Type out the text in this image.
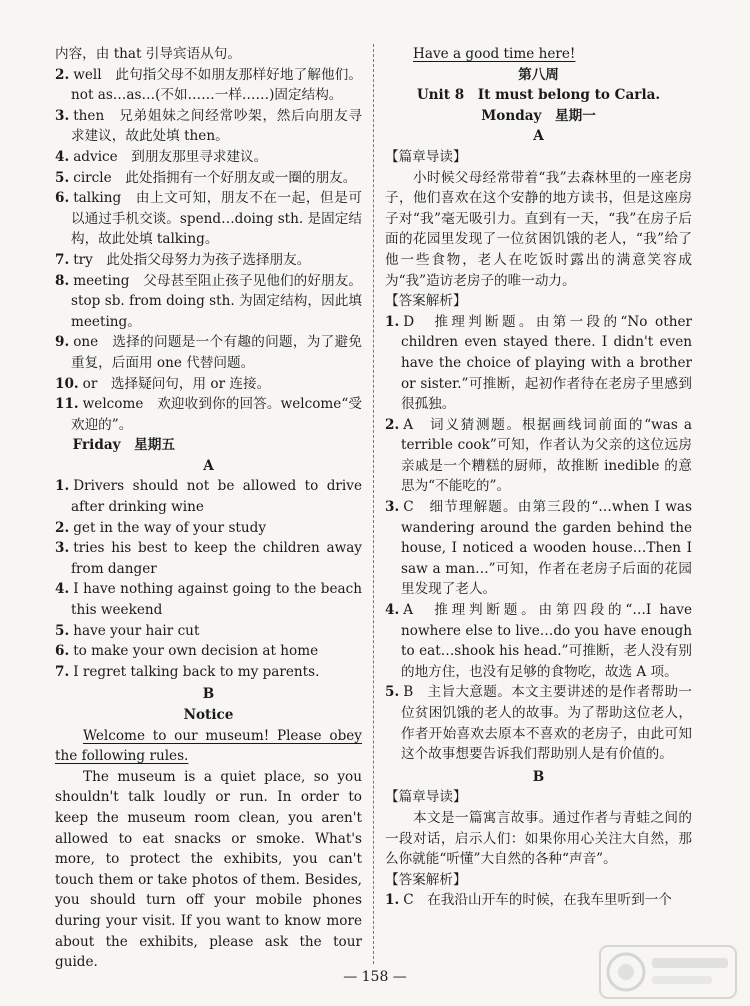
内容，由 that 引导宾语从句。

2. well　此句指父母不如朋友那样好地了解他们。not as…as…(不如……一样……)固定结构。
3. then　兄弟姐妹之间经常吵架，然后向朋友寻求建议，故此处填 then。
4. advice　到朋友那里寻求建议。
5. circle　此处指拥有一个好朋友或一圈的朋友。
6. talking　由上文可知，朋友不在一起，但是可以通过手机交谈。spend…doing sth. 是固定结构，故此处填 talking。
7. try　此处指父母努力为孩子选择朋友。
8. meeting　父母甚至阻止孩子见他们的好朋友。stop sb. from doing sth. 为固定结构，因此填 meeting。
9. one　选择的问题是一个有趣的问题，为了避免重复，后面用 one 代替问题。
10. or　选择疑问句，用 or 连接。
11. welcome　欢迎收到你的回答。welcome“受欢迎的”。
　Friday　星期五

A

1. Drivers should not be allowed to drive after drinking wine
2. get in the way of your study
3. tries his best to keep the children away from danger
4. I have nothing against going to the beach this weekend
5. have your hair cut
6. to make your own decision at home
7. I regret talking back to my parents.

B

Notice

Welcome to our museum! Please obey the following rules.

The museum is a quiet place, so you shouldn't talk loudly or run. In order to keep the museum room clean, you aren't allowed to eat snacks or smoke. What's more, to protect the exhibits, you can't touch them or take photos of them. Besides, you should turn off your mobile phones during your visit. If you want to know more about the exhibits, please ask the tour guide.

Have a good time here!

第八周

Unit 8　It must belong to Carla.

Monday　星期一

A

【篇章导读】

小时候父母经常带着“我”去森林里的一座老房子，他们喜欢在这个安静的地方读书，但是这座房子对“我”毫无吸引力。直到有一天，“我”在房子后面的花园里发现了一位贫困饥饿的老人，“我”给了他一些食物，老人在吃饭时露出的满意笑容成为“我”造访老房子的唯一动力。

【答案解析】

1. D　 推理判断题。由第一段的“No other children even stayed there. I didn't even have the choice of playing with a brother or sister.”可推断，起初作者待在老房子里感到很孤独。
2. A　 词义猜测题。根据画线词前面的“was a terrible cook”可知，作者认为父亲的这位远房亲戚是一个糟糕的厨师，故推断 inedible 的意思为“不能吃的”。
3. C　 细节理解题。由第三段的“…when I was wandering around the garden behind the house, I noticed a wooden house…Then I saw a man…”可知，作者在老房子后面的花园里发现了老人。
4. A　 推理判断题。由第四段的“…I have nowhere else to live…do you have enough to eat…shook his head.”可推断，老人没有别的地方住，也没有足够的食物吃，故选 A 项。
5. B　 主旨大意题。本文主要讲述的是作者帮助一位贫困饥饿的老人的故事。为了帮助这位老人，作者开始喜欢去原本不喜欢的老房子，由此可知这个故事想要告诉我们帮助别人是有价值的。

B

【篇章导读】

本文是一篇寓言故事。通过作者与青蛙之间的一段对话，启示人们：如果你用心关注大自然，那么你就能“听懂”大自然的各种“声音”。

【答案解析】

1. C　 在我沿山开车的时候，在我车里听到一个
— 158 —
